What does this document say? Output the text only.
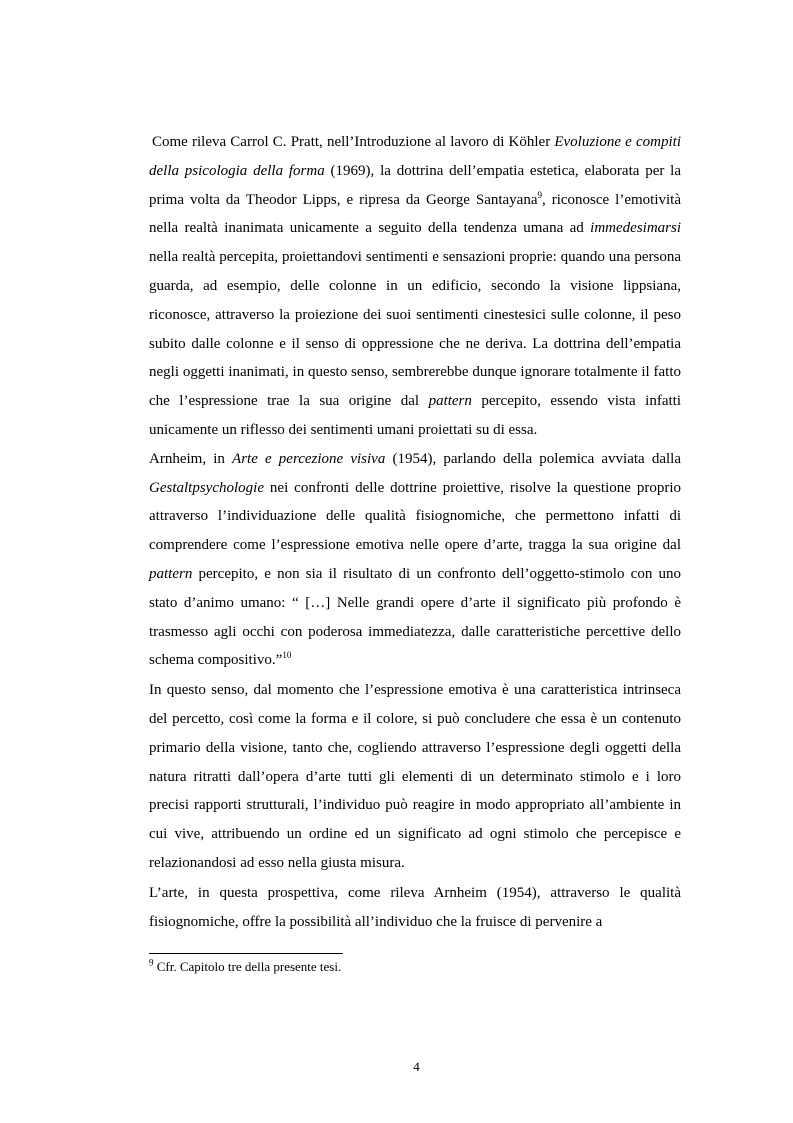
Come rileva Carrol C. Pratt, nell’Introduzione al lavoro di Köhler Evoluzione e compiti della psicologia della forma (1969), la dottrina dell’empatia estetica, elaborata per la prima volta da Theodor Lipps, e ripresa da George Santayana$^9$, riconosce l’emotività nella realtà inanimata unicamente a seguito della tendenza umana ad immedesimarsi nella realtà percepita, proiettandovi sentimenti e sensazioni proprie: quando una persona guarda, ad esempio, delle colonne in un edificio, secondo la visione lippsiana, riconosce, attraverso la proiezione dei suoi sentimenti cinestesici sulle colonne, il peso subito dalle colonne e il senso di oppressione che ne deriva. La dottrina dell’empatia negli oggetti inanimati, in questo senso, sembrerebbe dunque ignorare totalmente il fatto che l’espressione trae la sua origine dal pattern percepito, essendo vista infatti unicamente un riflesso dei sentimenti umani proiettati su di essa.

Arnheim, in Arte e percezione visiva (1954), parlando della polemica avviata dalla Gestaltpsychologie nei confronti delle dottrine proiettive, risolve la questione proprio attraverso l’individuazione delle qualità fisiognomiche, che permettono infatti di comprendere come l’espressione emotiva nelle opere d’arte, tragga la sua origine dal pattern percepito, e non sia il risultato di un confronto dell’oggetto-stimolo con uno stato d’animo umano: “ […] Nelle grandi opere d’arte il significato più profondo è trasmesso agli occhi con poderosa immediatezza, dalle caratteristiche percettive dello schema compositivo.”$^{10}$

In questo senso, dal momento che l’espressione emotiva è una caratteristica intrinseca del percetto, così come la forma e il colore, si può concludere che essa è un contenuto primario della visione, tanto che, cogliendo attraverso l’espressione degli oggetti della natura ritratti dall’opera d’arte tutti gli elementi di un determinato stimolo e i loro precisi rapporti strutturali, l’individuo può reagire in modo appropriato all’ambiente in cui vive, attribuendo un ordine ed un significato ad ogni stimolo che percepisce e relazionandosi ad esso nella giusta misura.

L’arte, in questa prospettiva, come rileva Arnheim (1954), attraverso le qualità fisiognomiche, offre la possibilità all’individuo che la fruisce di pervenire a

$^9$ Cfr. Capitolo tre della presente tesi.
4
